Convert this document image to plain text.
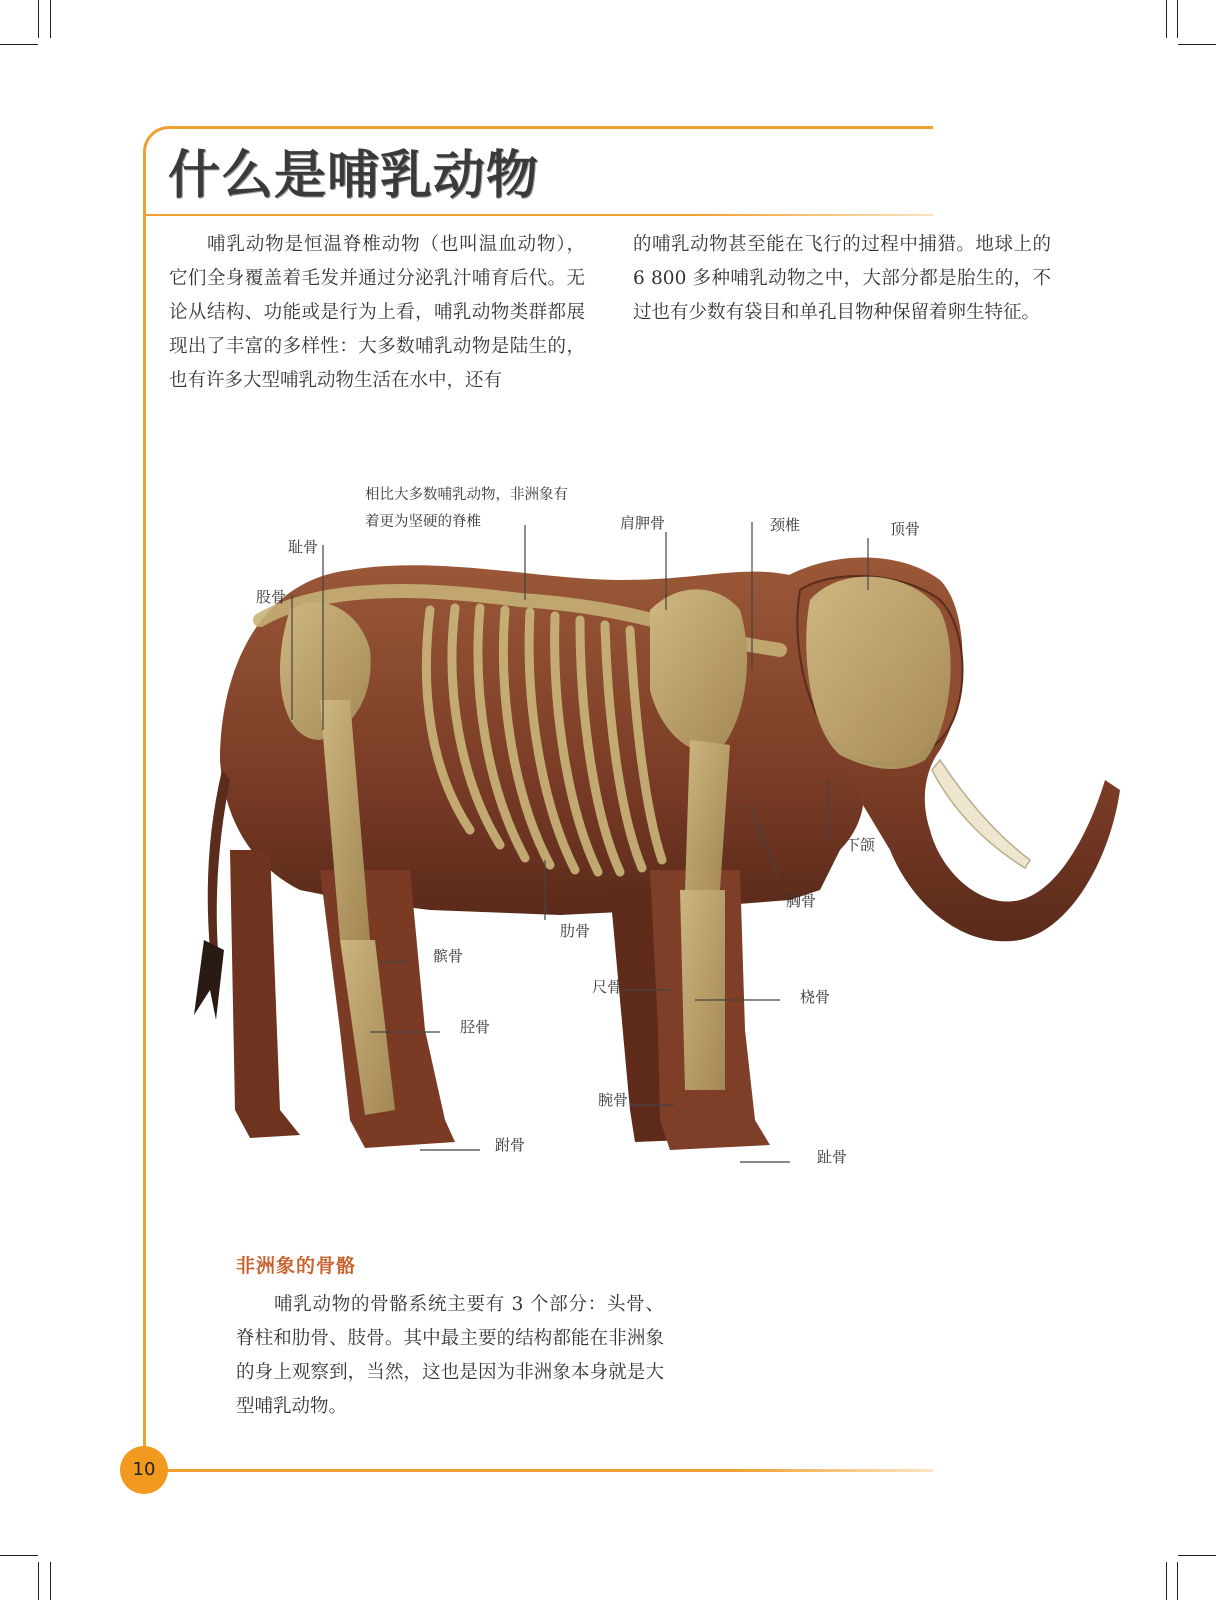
什么是哺乳动物

哺乳动物是恒温脊椎动物（也叫温血动物），它们全身覆盖着毛发并通过分泌乳汁哺育后代。无论从结构、功能或是行为上看，哺乳动物类群都展现出了丰富的多样性：大多数哺乳动物是陆生的，也有许多大型哺乳动物生活在水中，还有

的哺乳动物甚至能在飞行的过程中捕猎。地球上的 6 800 多种哺乳动物之中，大部分都是胎生的，不过也有少数有袋目和单孔目物种保留着卵生特征。

相比大多数哺乳动物，非洲象有着更为坚硬的脊椎
耻骨
股骨
肩胛骨	颈椎	顶骨
下颌
胸骨
肋骨
髌骨
尺骨
桡骨
胫骨
腕骨
跗骨
趾骨
非洲象的骨骼

哺乳动物的骨骼系统主要有 3 个部分：头骨、脊柱和肋骨、肢骨。其中最主要的结构都能在非洲象的身上观察到，当然，这也是因为非洲象本身就是大型哺乳动物。

10
